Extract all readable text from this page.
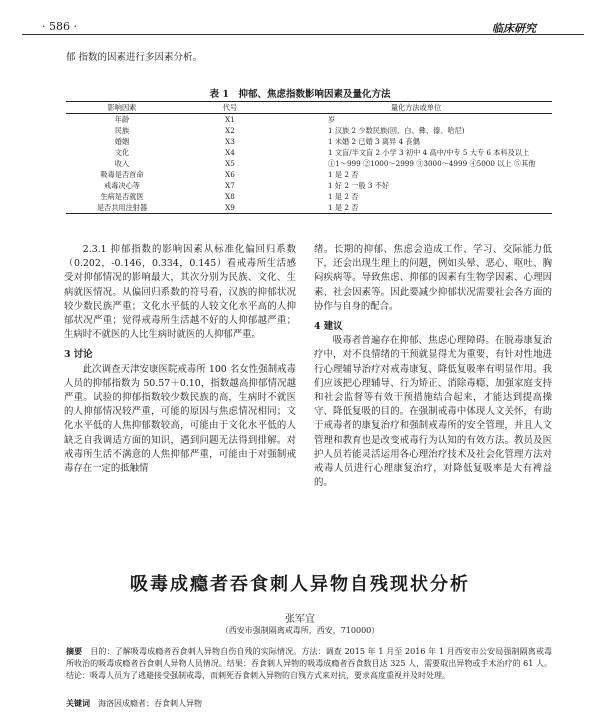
· 586 ·	临床研究
郁 指数的因素进行多因素分析。
表 1　抑郁、焦虑指数影响因素及量化方法
影响因素	代号	量化方法或单位
年龄	X1	岁
民族	X2	1 汉族 2 少数民族(回、白、彝、傣、哈尼)
婚姻	X3	1 未婚 2 已婚 3 离异 4 丧偶
文化	X4	1 文盲/半文盲 2 小学 3 初中 4 高中/中专 5 大专 6 本科及以上
收入	X5	①1～999 ②1000～2999 ③3000～4999 ④5000 以上 ⑤其他
吸毒是否首命	X6	1 是 2 否
戒毒决心等	X7	1 好 2 一般 3 不好
生病是否就医	X8	1 是 2 否
是否共用注射器	X9	1 是 2 否

2.3.1 抑郁指数的影响因素从标准化偏回归系数（0.202，-0.146，0.334，0.145）看戒毒所生活感受对抑郁情况的影响最大，其次分别为民族、文化、生病就医情况。从偏回归系数的符号看，汉族的抑郁状况较少数民族严重；文化水平低的人较文化水平高的人抑郁状况严重；觉得戒毒所生活越不好的人抑郁越严重；生病时不就医的人比生病时就医的人抑郁严重。

3 讨论

此次调查天津安康医院戒毒所 100 名女性强制戒毒人员的抑郁指数为 50.57＋0.10，指数越高抑郁情况越严重。试验的抑郁指数较少数民族的高，生病时不就医的人抑郁情况较严重，可能的原因与焦虑情况相同；文化水平低的人焦抑郁数较高，可能由于文化水平低的人缺乏自我调适方面的知识，遇到问题无法得到排解。对戒毒所生活不满意的人焦抑郁严重，可能由于对强制戒毒存在一定的抵触情

绪。长期的抑郁、焦虑会造成工作、学习、交际能力低下，还会出现生理上的问题，例如头晕、恶心、呕吐、胸闷疾病等。导致焦虑、抑郁的因素有生物学因素、心理因素、社会因素等。因此要减少抑郁状况需要社会各方面的协作与自身的配合。

4 建议

吸毒者普遍存在抑郁、焦虑心理障碍。在脱毒康复治疗中，对不良情绪的干预就显得尤为重要，有针对性地进行心理辅导治疗对戒毒康复、降低复吸率有明显作用。我们应该把心理辅导、行为矫正、消除毒瘾、加强家庭支持和社会监督等有效干预措施结合起来，才能达到提高操守、降低复吸的目的。在强制戒毒中体现人文关怀，有助于戒毒者的康复治疗和强制戒毒所的安全管理，并且人文管理和教育也是改变戒毒行为认知的有效方法。教员及医护人员若能灵活运用各心理治疗技术及社会化管理方法对戒毒人员进行心理康复治疗，对降低复吸率是大有裨益的。

吸毒成瘾者吞食刺人异物自残现状分析
张军宜
（西安市强制隔离戒毒所，西安，710000）
摘要 目的：了解吸毒成瘾者吞食刺人异物自伤自残的实际情况。方法：调查 2015 年 1 月至 2016 年 1 月西安市公安局强制隔离戒毒所收治的吸毒成瘾者吞食刺人异物人员情况。结果：吞食刺人异物的吸毒成瘾者吞食数目达 325 人，需要取出异物或手术治疗的 61 人。结论：吸毒人员为了逃避接受强制戒毒，而刺死吞食刺入异物的自残方式来对抗，要求高度重视并及时处理。
关键词 海洛因成瘾者；吞食刺人异物
